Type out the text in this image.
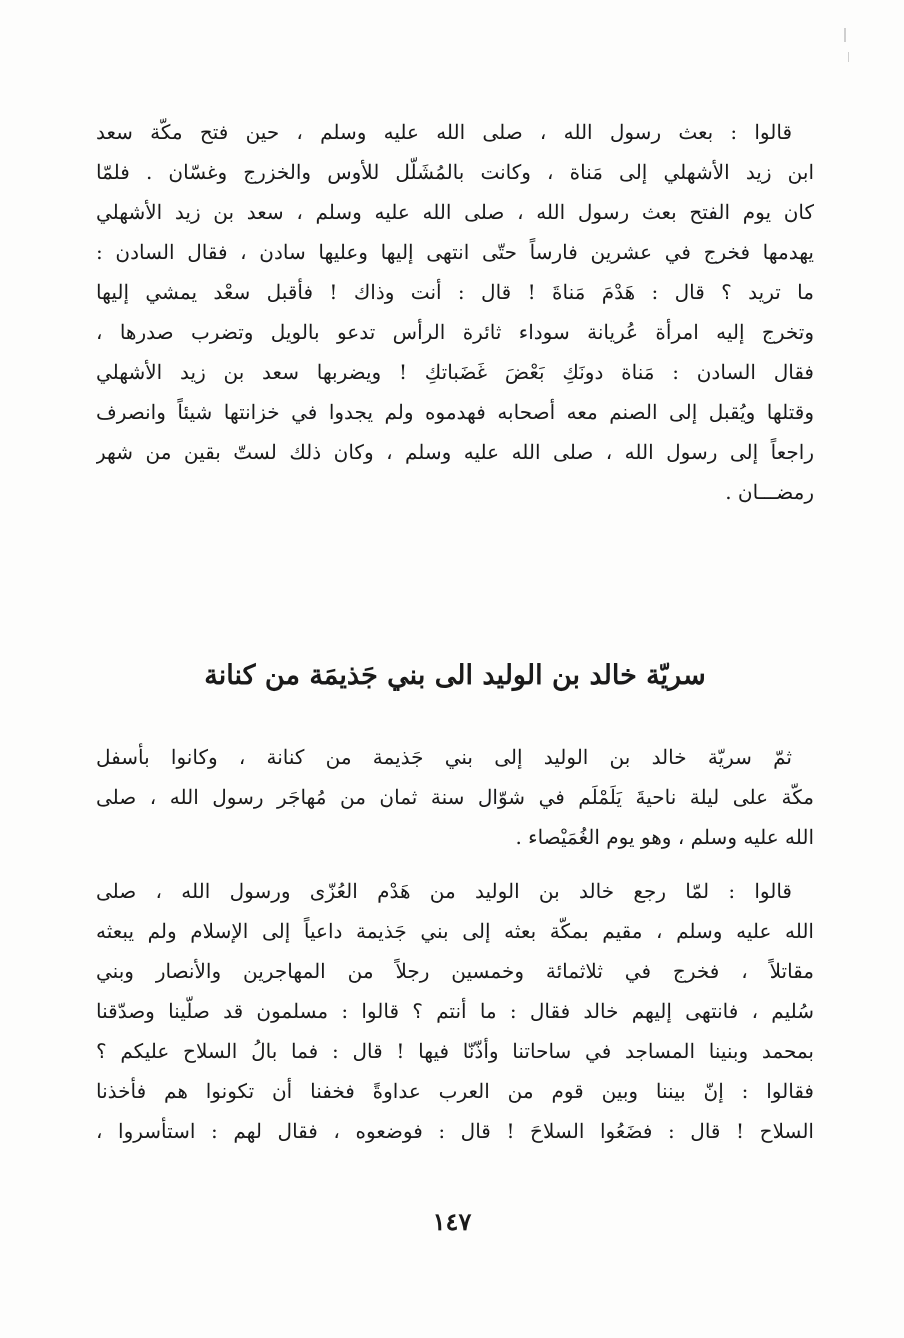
قالوا : بعث رسول الله ، صلى الله عليه وسلم ، حين فتح مكّة سعد
ابن زيد الأشهلي إلى مَناة ، وكانت بالمُشَلّل للأوس والخزرج وغسّان . فلمّا
كان يوم الفتح بعث رسول الله ، صلى الله عليه وسلم ، سعد بن زيد الأشهلي
يهدمها فخرج في عشرين فارساً حتّى انتهى إليها وعليها سادن ، فقال السادن :
ما تريد ؟ قال : هَدْمَ مَناةَ ! قال : أنت وذاك ! فأقبل سعْد يمشي إليها
وتخرج إليه امرأة عُريانة سوداء ثائرة الرأس تدعو بالويل وتضرب صدرها ،
فقال السادن : مَناة دونَكِ بَعْضَ غَضَباتكِ ! ويضربها سعد بن زيد الأشهلي
وقتلها ويُقبل إلى الصنم معه أصحابه فهدموه ولم يجدوا في خزانتها شيئاً وانصرف
راجعاً إلى رسول الله ، صلى الله عليه وسلم ، وكان ذلك لستّ بقين من شهر
رمضـــان .
سريّة خالد بن الوليد الى بني جَذيمَة من كنانة
ثمّ سريّة خالد بن الوليد إلى بني جَذيمة من كنانة ، وكانوا بأسفل
مكّة على ليلة ناحيةَ يَلَمْلَم في شوّال سنة ثمان من مُهاجَر رسول الله ، صلى
الله عليه وسلم ، وهو يوم الغُمَيْصاء .
قالوا : لمّا رجع خالد بن الوليد من هَدْم العُزّى ورسول الله ، صلى
الله عليه وسلم ، مقيم بمكّة بعثه إلى بني جَذيمة داعياً إلى الإسلام ولم يبعثه
مقاتلاً ، فخرج في ثلاثمائة وخمسين رجلاً من المهاجرين والأنصار وبني
سُليم ، فانتهى إليهم خالد فقال : ما أنتم ؟ قالوا : مسلمون قد صلّينا وصدّقنا
بمحمد وبنينا المساجد في ساحاتنا وأذّنّا فيها ! قال : فما بالُ السلاح عليكم ؟
فقالوا : إنّ بيننا وبين قوم من العرب عداوةً فخفنا أن تكونوا هم فأخذنا
السلاح ! قال : فضَعُوا السلاحَ ! قال : فوضعوه ، فقال لهم : استأسروا ،
١٤٧
